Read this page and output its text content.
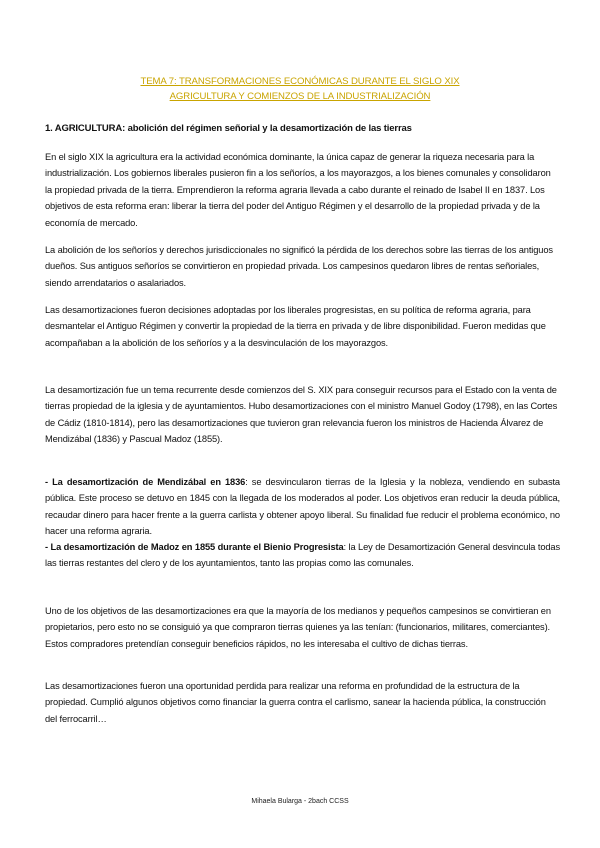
TEMA 7: TRANSFORMACIONES ECONÓMICAS DURANTE EL SIGLO XIX
AGRICULTURA Y COMIENZOS DE LA INDUSTRIALIZACIÓN
1. AGRICULTURA: abolición del régimen señorial y la desamortización de las tierras
En el siglo XIX la agricultura era la actividad económica dominante, la única capaz de generar la riqueza necesaria para la industrialización. Los gobiernos liberales pusieron fin a los señoríos, a los mayorazgos, a los bienes comunales y consolidaron la propiedad privada de la tierra. Emprendieron la reforma agraria llevada a cabo durante el reinado de Isabel II en 1837. Los objetivos de esta reforma eran: liberar la tierra del poder del Antiguo Régimen y el desarrollo de la propiedad privada y de la economía de mercado.
La abolición de los señoríos y derechos jurisdiccionales no significó la pérdida de los derechos sobre las tierras de los antiguos dueños. Sus antiguos señoríos se convirtieron en propiedad privada. Los campesinos quedaron libres de rentas señoriales, siendo arrendatarios o asalariados.
Las desamortizaciones fueron decisiones adoptadas por los liberales progresistas, en su política de reforma agraria, para desmantelar el Antiguo Régimen y convertir la propiedad de la tierra en privada y de libre disponibilidad. Fueron medidas que acompañaban a la abolición de los señoríos y a la desvinculación de los mayorazgos.
La desamortización fue un tema recurrente desde comienzos del S. XIX para conseguir recursos para el Estado con la venta de tierras propiedad de la iglesia y de ayuntamientos. Hubo desamortizaciones con el ministro Manuel Godoy (1798), en las Cortes de Cádiz (1810-1814), pero las desamortizaciones que tuvieron gran relevancia fueron los ministros de Hacienda Álvarez de Mendizábal (1836) y Pascual Madoz (1855).
- La desamortización de Mendizábal en 1836: se desvincularon tierras de la Iglesia y la nobleza, vendiendo en subasta pública. Este proceso se detuvo en 1845 con la llegada de los moderados al poder. Los objetivos eran reducir la deuda pública, recaudar dinero para hacer frente a la guerra carlista y obtener apoyo liberal. Su finalidad fue reducir el problema económico, no hacer una reforma agraria.
- La desamortización de Madoz en 1855 durante el Bienio Progresista: la Ley de Desamortización General desvincula todas las tierras restantes del clero y de los ayuntamientos, tanto las propias como las comunales.
Uno de los objetivos de las desamortizaciones era que la mayoría de los medianos y pequeños campesinos se convirtieran en propietarios, pero esto no se consiguió ya que compraron tierras quienes ya las tenían: (funcionarios, militares, comerciantes). Estos compradores pretendían conseguir beneficios rápidos, no les interesaba el cultivo de dichas tierras.
Las desamortizaciones fueron una oportunidad perdida para realizar una reforma en profundidad de la estructura de la propiedad. Cumplió algunos objetivos como financiar la guerra contra el carlismo, sanear la hacienda pública, la construcción del ferrocarril…
Mihaela Bularga - 2bach CCSS
